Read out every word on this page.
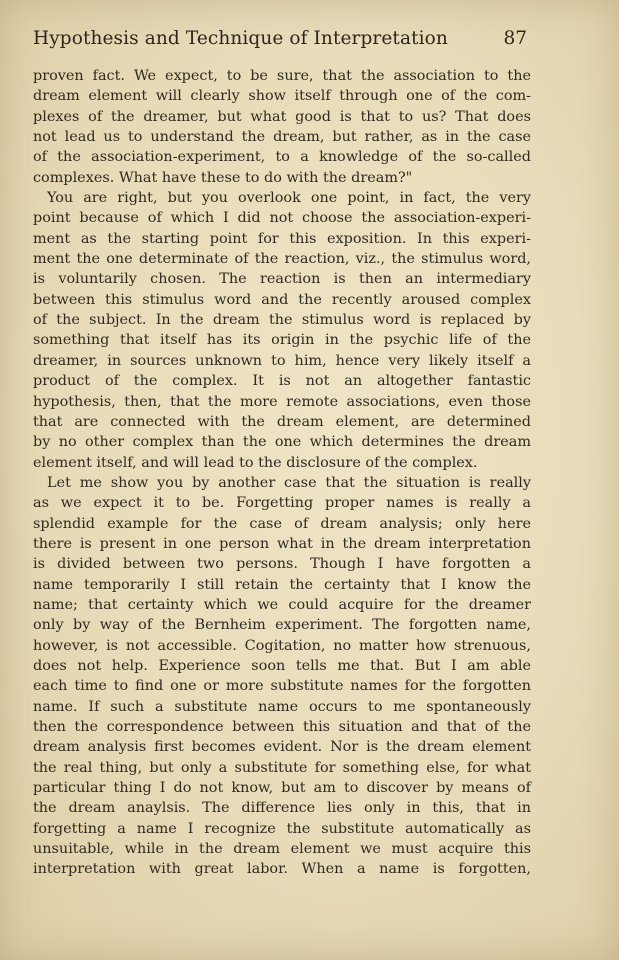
Hypothesis and Technique of Interpretation	87
proven fact. We expect, to be sure, that the association to the
dream element will clearly show itself through one of the com-
plexes of the dreamer, but what good is that to us? That does
not lead us to understand the dream, but rather, as in the case
of the association-experiment, to a knowledge of the so-called
complexes. What have these to do with the dream?"
You are right, but you overlook one point, in fact, the very
point because of which I did not choose the association-experi-
ment as the starting point for this exposition. In this experi-
ment the one determinate of the reaction, viz., the stimulus word,
is voluntarily chosen. The reaction is then an intermediary
between this stimulus word and the recently aroused complex
of the subject. In the dream the stimulus word is replaced by
something that itself has its origin in the psychic life of the
dreamer, in sources unknown to him, hence very likely itself a
product of the complex. It is not an altogether fantastic
hypothesis, then, that the more remote associations, even those
that are connected with the dream element, are determined
by no other complex than the one which determines the dream
element itself, and will lead to the disclosure of the complex.
Let me show you by another case that the situation is really
as we expect it to be. Forgetting proper names is really a
splendid example for the case of dream analysis; only here
there is present in one person what in the dream interpretation
is divided between two persons. Though I have forgotten a
name temporarily I still retain the certainty that I know the
name; that certainty which we could acquire for the dreamer
only by way of the Bernheim experiment. The forgotten name,
however, is not accessible. Cogitation, no matter how strenuous,
does not help. Experience soon tells me that. But I am able
each time to find one or more substitute names for the forgotten
name. If such a substitute name occurs to me spontaneously
then the correspondence between this situation and that of the
dream analysis first becomes evident. Nor is the dream element
the real thing, but only a substitute for something else, for what
particular thing I do not know, but am to discover by means of
the dream anaylsis. The difference lies only in this, that in
forgetting a name I recognize the substitute automatically as
unsuitable, while in the dream element we must acquire this
interpretation with great labor. When a name is forgotten,
